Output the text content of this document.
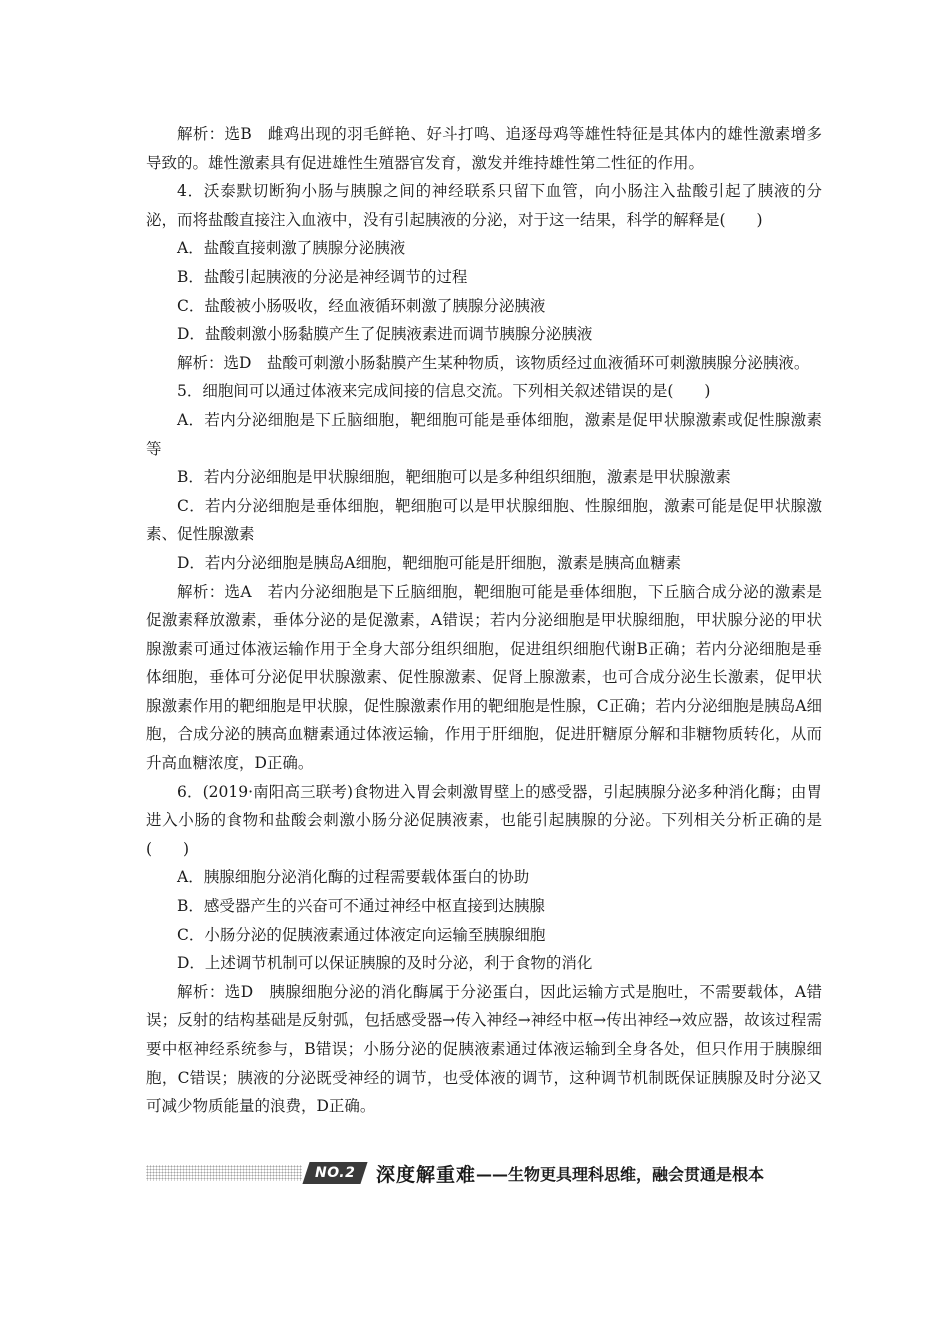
解析：选B　雌鸡出现的羽毛鲜艳、好斗打鸣、追逐母鸡等雄性特征是其体内的雄性激素增多导致的。雄性激素具有促进雄性生殖器官发育，激发并维持雄性第二性征的作用。

4．沃泰默切断狗小肠与胰腺之间的神经联系只留下血管，向小肠注入盐酸引起了胰液的分泌，而将盐酸直接注入血液中，没有引起胰液的分泌，对于这一结果，科学的解释是(　　)

A．盐酸直接刺激了胰腺分泌胰液

B．盐酸引起胰液的分泌是神经调节的过程

C．盐酸被小肠吸收，经血液循环刺激了胰腺分泌胰液

D．盐酸刺激小肠黏膜产生了促胰液素进而调节胰腺分泌胰液

解析：选D　盐酸可刺激小肠黏膜产生某种物质，该物质经过血液循环可刺激胰腺分泌胰液。

5．细胞间可以通过体液来完成间接的信息交流。下列相关叙述错误的是(　　)

A．若内分泌细胞是下丘脑细胞，靶细胞可能是垂体细胞，激素是促甲状腺激素或促性腺激素等

B．若内分泌细胞是甲状腺细胞，靶细胞可以是多种组织细胞，激素是甲状腺激素

C．若内分泌细胞是垂体细胞，靶细胞可以是甲状腺细胞、性腺细胞，激素可能是促甲状腺激素、促性腺激素

D．若内分泌细胞是胰岛A细胞，靶细胞可能是肝细胞，激素是胰高血糖素

解析：选A　若内分泌细胞是下丘脑细胞，靶细胞可能是垂体细胞，下丘脑合成分泌的激素是促激素释放激素，垂体分泌的是促激素，A错误；若内分泌细胞是甲状腺细胞，甲状腺分泌的甲状腺激素可通过体液运输作用于全身大部分组织细胞，促进组织细胞代谢B正确；若内分泌细胞是垂体细胞，垂体可分泌促甲状腺激素、促性腺激素、促肾上腺激素，也可合成分泌生长激素，促甲状腺激素作用的靶细胞是甲状腺，促性腺激素作用的靶细胞是性腺，C正确；若内分泌细胞是胰岛A细胞，合成分泌的胰高血糖素通过体液运输，作用于肝细胞，促进肝糖原分解和非糖物质转化，从而升高血糖浓度，D正确。

6．(2019·南阳高三联考)食物进入胃会刺激胃壁上的感受器，引起胰腺分泌多种消化酶；由胃进入小肠的食物和盐酸会刺激小肠分泌促胰液素，也能引起胰腺的分泌。下列相关分析正确的是(　　)

A．胰腺细胞分泌消化酶的过程需要载体蛋白的协助

B．感受器产生的兴奋可不通过神经中枢直接到达胰腺

C．小肠分泌的促胰液素通过体液定向运输至胰腺细胞

D．上述调节机制可以保证胰腺的及时分泌，利于食物的消化

解析：选D　胰腺细胞分泌的消化酶属于分泌蛋白，因此运输方式是胞吐，不需要载体，A错误；反射的结构基础是反射弧，包括感受器→传入神经→神经中枢→传出神经→效应器，故该过程需要中枢神经系统参与，B错误；小肠分泌的促胰液素通过体液运输到全身各处，但只作用于胰腺细胞，C错误；胰液的分泌既受神经的调节，也受体液的调节，这种调节机制既保证胰腺及时分泌又可减少物质能量的浪费，D正确。

NO.2 深度解重难 ——生物更具理科思维，融会贯通是根本
